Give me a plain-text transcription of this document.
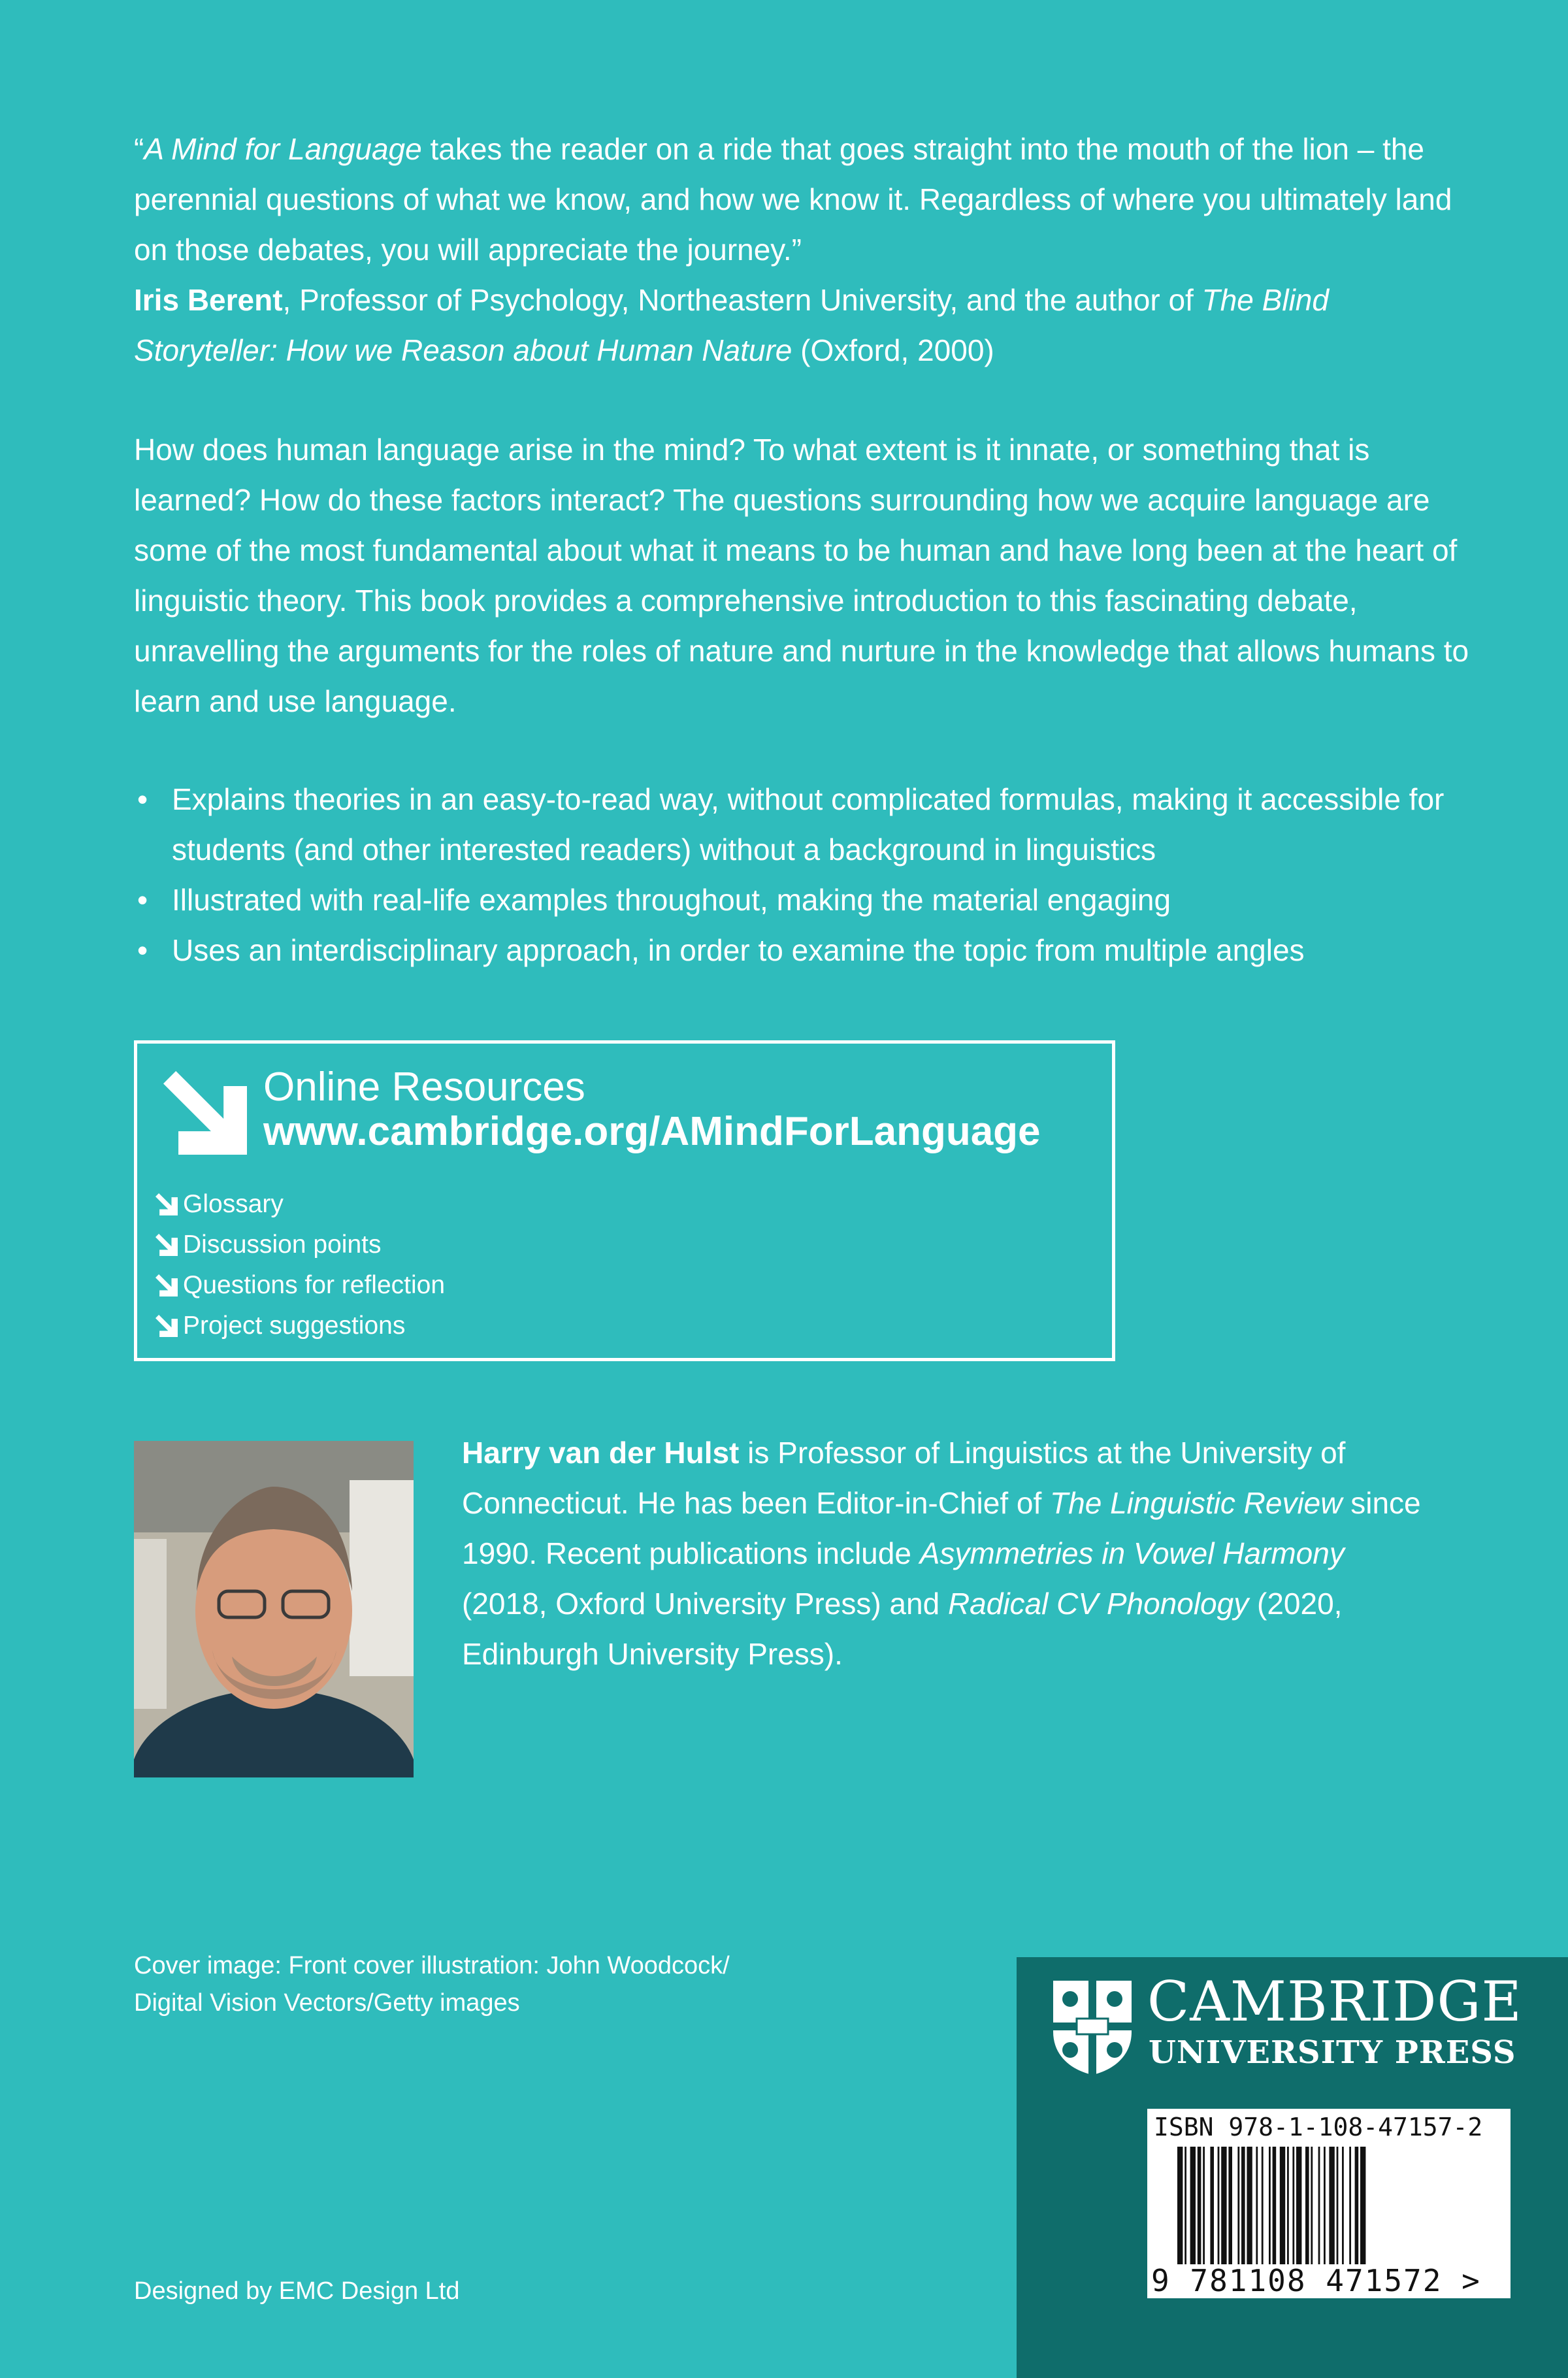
“A Mind for Language takes the reader on a ride that goes straight into the mouth of the lion – the perennial questions of what we know, and how we know it. Regardless of where you ultimately land on those debates, you will appreciate the journey.”
Iris Berent, Professor of Psychology, Northeastern University, and the author of The Blind Storyteller: How we Reason about Human Nature (Oxford, 2000)

How does human language arise in the mind? To what extent is it innate, or something that is learned? How do these factors interact? The questions surrounding how we acquire language are some of the most fundamental about what it means to be human and have long been at the heart of linguistic theory. This book provides a comprehensive introduction to this fascinating debate, unravelling the arguments for the roles of nature and nurture in the knowledge that allows humans to learn and use language.

• Explains theories in an easy-to-read way, without complicated formulas, making it accessible for students (and other interested readers) without a background in linguistics
• Illustrated with real-life examples throughout, making the material engaging
• Uses an interdisciplinary approach, in order to examine the topic from multiple angles
Online Resources
www.cambridge.org/AMindForLanguage
Glossary
Discussion points
Questions for reflection
Project suggestions

Harry van der Hulst is Professor of Linguistics at the University of Connecticut. He has been Editor-in-Chief of The Linguistic Review since 1990. Recent publications include Asymmetries in Vowel Harmony (2018, Oxford University Press) and Radical CV Phonology (2020, Edinburgh University Press).

Cover image: Front cover illustration: John Woodcock/
Digital Vision Vectors/Getty images

Designed by EMC Design Ltd

CAMBRIDGE
UNIVERSITY PRESS
ISBN 978-1-108-47157-2
9 781108 471572 >
